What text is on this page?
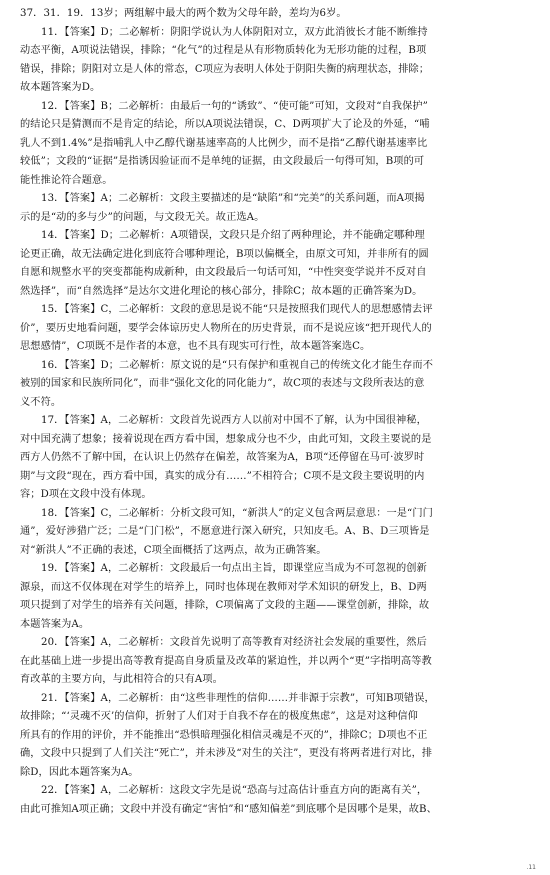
37．31．19．13岁；两组解中最大的两个数为父母年龄，差均为6岁。
11．【答案】D；二必解析：阴阳学说认为人体阴阳对立，双方此消彼长才能不断维持
动态平衡，A项说法错误，排除；“化气”的过程是从有形物质转化为无形功能的过程，B项
错误，排除；阴阳对立是人体的常态，C项应为表明人体处于阴阳失衡的病理状态，排除；
故本题答案为D。
12．【答案】B；二必解析：由最后一句的“诱致”、“使可能”可知，文段对“自我保护”
的结论只是猜测而不是肯定的结论，所以A项说法错误，C、D两项扩大了论及的外延，“哺
乳人不到1.4%”是指哺乳人中乙醇代谢基速率高的人比例少，而不是指“乙醇代谢基速率比
较低”；文段的“证据”是指诱因验证而不是单纯的证据，由文段最后一句得可知，B项的可
能性推论符合题意。
13．【答案】A；二必解析：文段主要描述的是“缺陷”和“完美”的关系问题，而A项揭
示的是“动的多与少”的问题，与文段无关。故正选A。
14．【答案】D；二必解析：A项错误，文段只是介绍了两种理论，并不能确定哪种理
论更正确，故无法确定进化到底符合哪种理论，B项以偏概全，由原文可知，并非所有的圆
自愿和规整水平的突变都能构成新种，由文段最后一句话可知，“中性突变学说并不反对自
然选择”，而“自然选择”是达尔文进化理论的核心部分，排除C；故本题的正确答案为D。
15．【答案】C，二必解析：文段的意思是说不能“只是按照我们现代人的思想感情去评
价”，要历史地看问题，要学会体谅历史人物所在的历史背景，而不是说应该“把开现代人的
思想感情”，C项既不是作者的本意，也不具有现实可行性，故本题答案选C。
16．【答案】D；二必解析：原文说的是“只有保护和重视自己的传统文化才能生存而不
被别的国家和民族所同化”，而非“强化文化的同化能力”，故C项的表述与文段所表达的意
义不符。
17．【答案】A，二必解析：文段首先说西方人以前对中国不了解，认为中国很神秘，
对中国充满了想象；接着说现在西方看中国，想象成分也不少，由此可知，文段主要说的是
西方人仍然不了解中国，在认识上仍然存在偏差，故答案为A，B项“还停留在马可·波罗时
期”与文段“现在，西方看中国，真实的成分有……”不相符合；C项不是文段主要说明的内
容；D项在文段中没有体现。
18．【答案】C，二必解析：分析文段可知，“新洪人”的定义包含两层意思：一是“门门
通”，爱好涉猎广泛；二是“门门松”，不愿意进行深入研究，只知皮毛。A、B、D三项皆是
对“新洪人”不正确的表述，C项全面概括了这两点，故为正确答案。
19．【答案】A，二必解析：文段最后一句点出主旨，即课堂应当成为不可忽视的创新
源泉，而这不仅体现在对学生的培养上，同时也体现在教师对学术知识的研发上，B、D两
项只提到了对学生的培养有关问题，排除，C项偏离了文段的主题——课堂创新，排除，故
本题答案为A。
20．【答案】A，二必解析：文段首先说明了高等教育对经济社会发展的重要性，然后
在此基础上进一步提出高等教育提高自身质量及改革的紧迫性，并以两个“更”字指明高等教
育改革的主要方向，与此相符合的只有A项。
21．【答案】A，二必解析：由“这些非理性的信仰……并非源于宗教”，可知B项错误，
故排除；“‘灵魂不灭’的信仰，折射了人们对于自我不存在的极度焦虑”，这是对这种信仰
所具有的作用的评价，并不能推出“恐惧暗理强化相信灵魂是不灭的”，排除C；D项也不正
确，文段中只提到了人们关注“死亡”，并未涉及“对生的关注”，更没有将两者进行对比，排
除D，因此本题答案为A。
22．【答案】A，二必解析：这段文字先是说“恐高与过高估计垂直方向的距离有关”，
由此可推知A项正确；文段中并没有确定“害怕”和“感知偏差”到底哪个是因哪个是果，故B、
.11
